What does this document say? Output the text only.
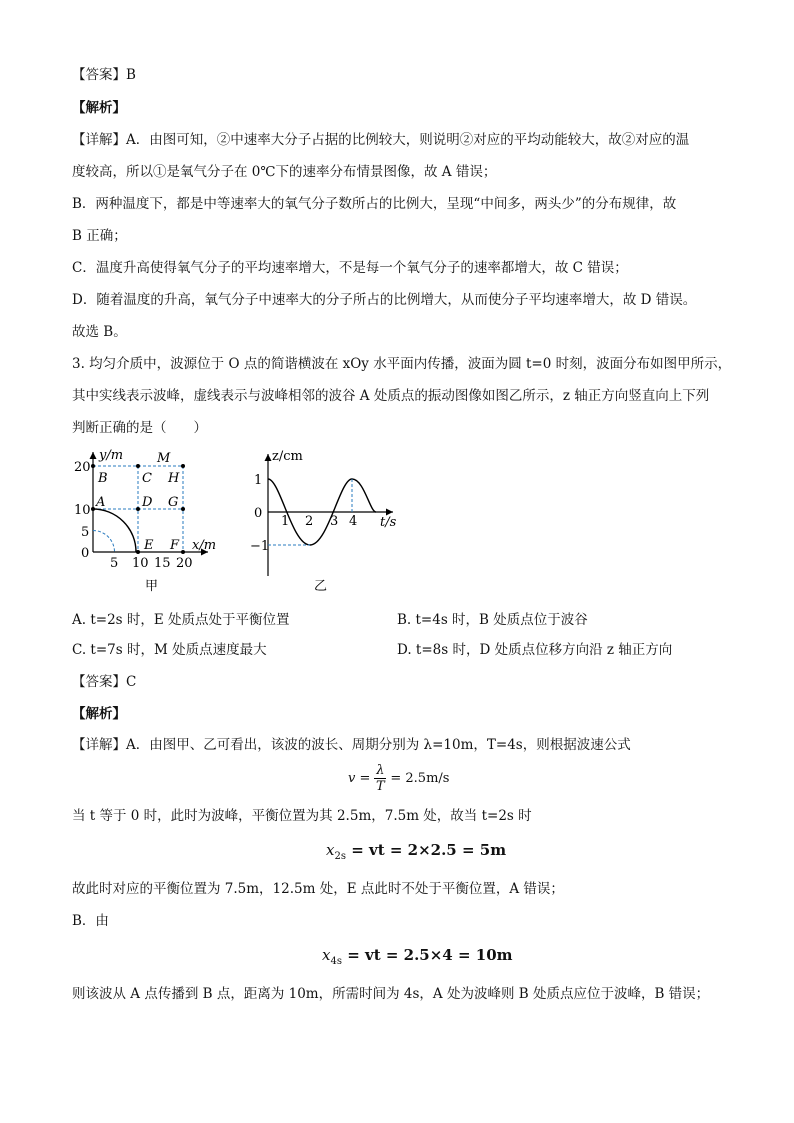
【答案】B
【解析】
【详解】A．由图可知，②中速率大分子占据的比例较大，则说明②对应的平均动能较大，故②对应的温
度较高，所以①是氧气分子在 0℃下的速率分布情景图像，故 A 错误；
B．两种温度下，都是中等速率大的氧气分子数所占的比例大，呈现“中间多，两头少”的分布规律，故
B 正确；
C．温度升高使得氧气分子的平均速率增大，不是每一个氧气分子的速率都增大，故 C 错误；
D．随着温度的升高，氧气分子中速率大的分子所占的比例增大，从而使分子平均速率增大，故 D 错误。
故选 B。
3. 均匀介质中，波源位于 O 点的简谐横波在 xOy 水平面内传播，波面为圆 t=0 时刻，波面分布如图甲所示，
其中实线表示波峰，虚线表示与波峰相邻的波谷 A 处质点的振动图像如图乙所示，z 轴正方向竖直向上下列
判断正确的是（　　）
y/m
x/m
20
10
5
0
5 10 15 20
B	C
M
H
A	D G
E F
甲
z/cm
t/s
1
0
−1
1 2 3 4
乙
A. t=2s 时，E 处质点处于平衡位置	B. t=4s 时，B 处质点位于波谷
C. t=7s 时，M 处质点速度最大	D. t=8s 时，D 处质点位移方向沿 z 轴正方向
【答案】C
【解析】
【详解】A．由图甲、乙可看出，该波的波长、周期分别为 λ=10m，T=4s，则根据波速公式
v =
λ
T
= 2.5m/s
当 t 等于 0 时，此时为波峰，平衡位置为其 2.5m，7.5m 处，故当 t=2s 时
$x_{2s}$ = vt = 2×2.5 = 5m
故此时对应的平衡位置为 7.5m，12.5m 处，E 点此时不处于平衡位置，A 错误；
B．由
$x_{4s}$ = vt = 2.5×4 = 10m
则该波从 A 点传播到 B 点，距离为 10m，所需时间为 4s，A 处为波峰则 B 处质点应位于波峰，B 错误；
